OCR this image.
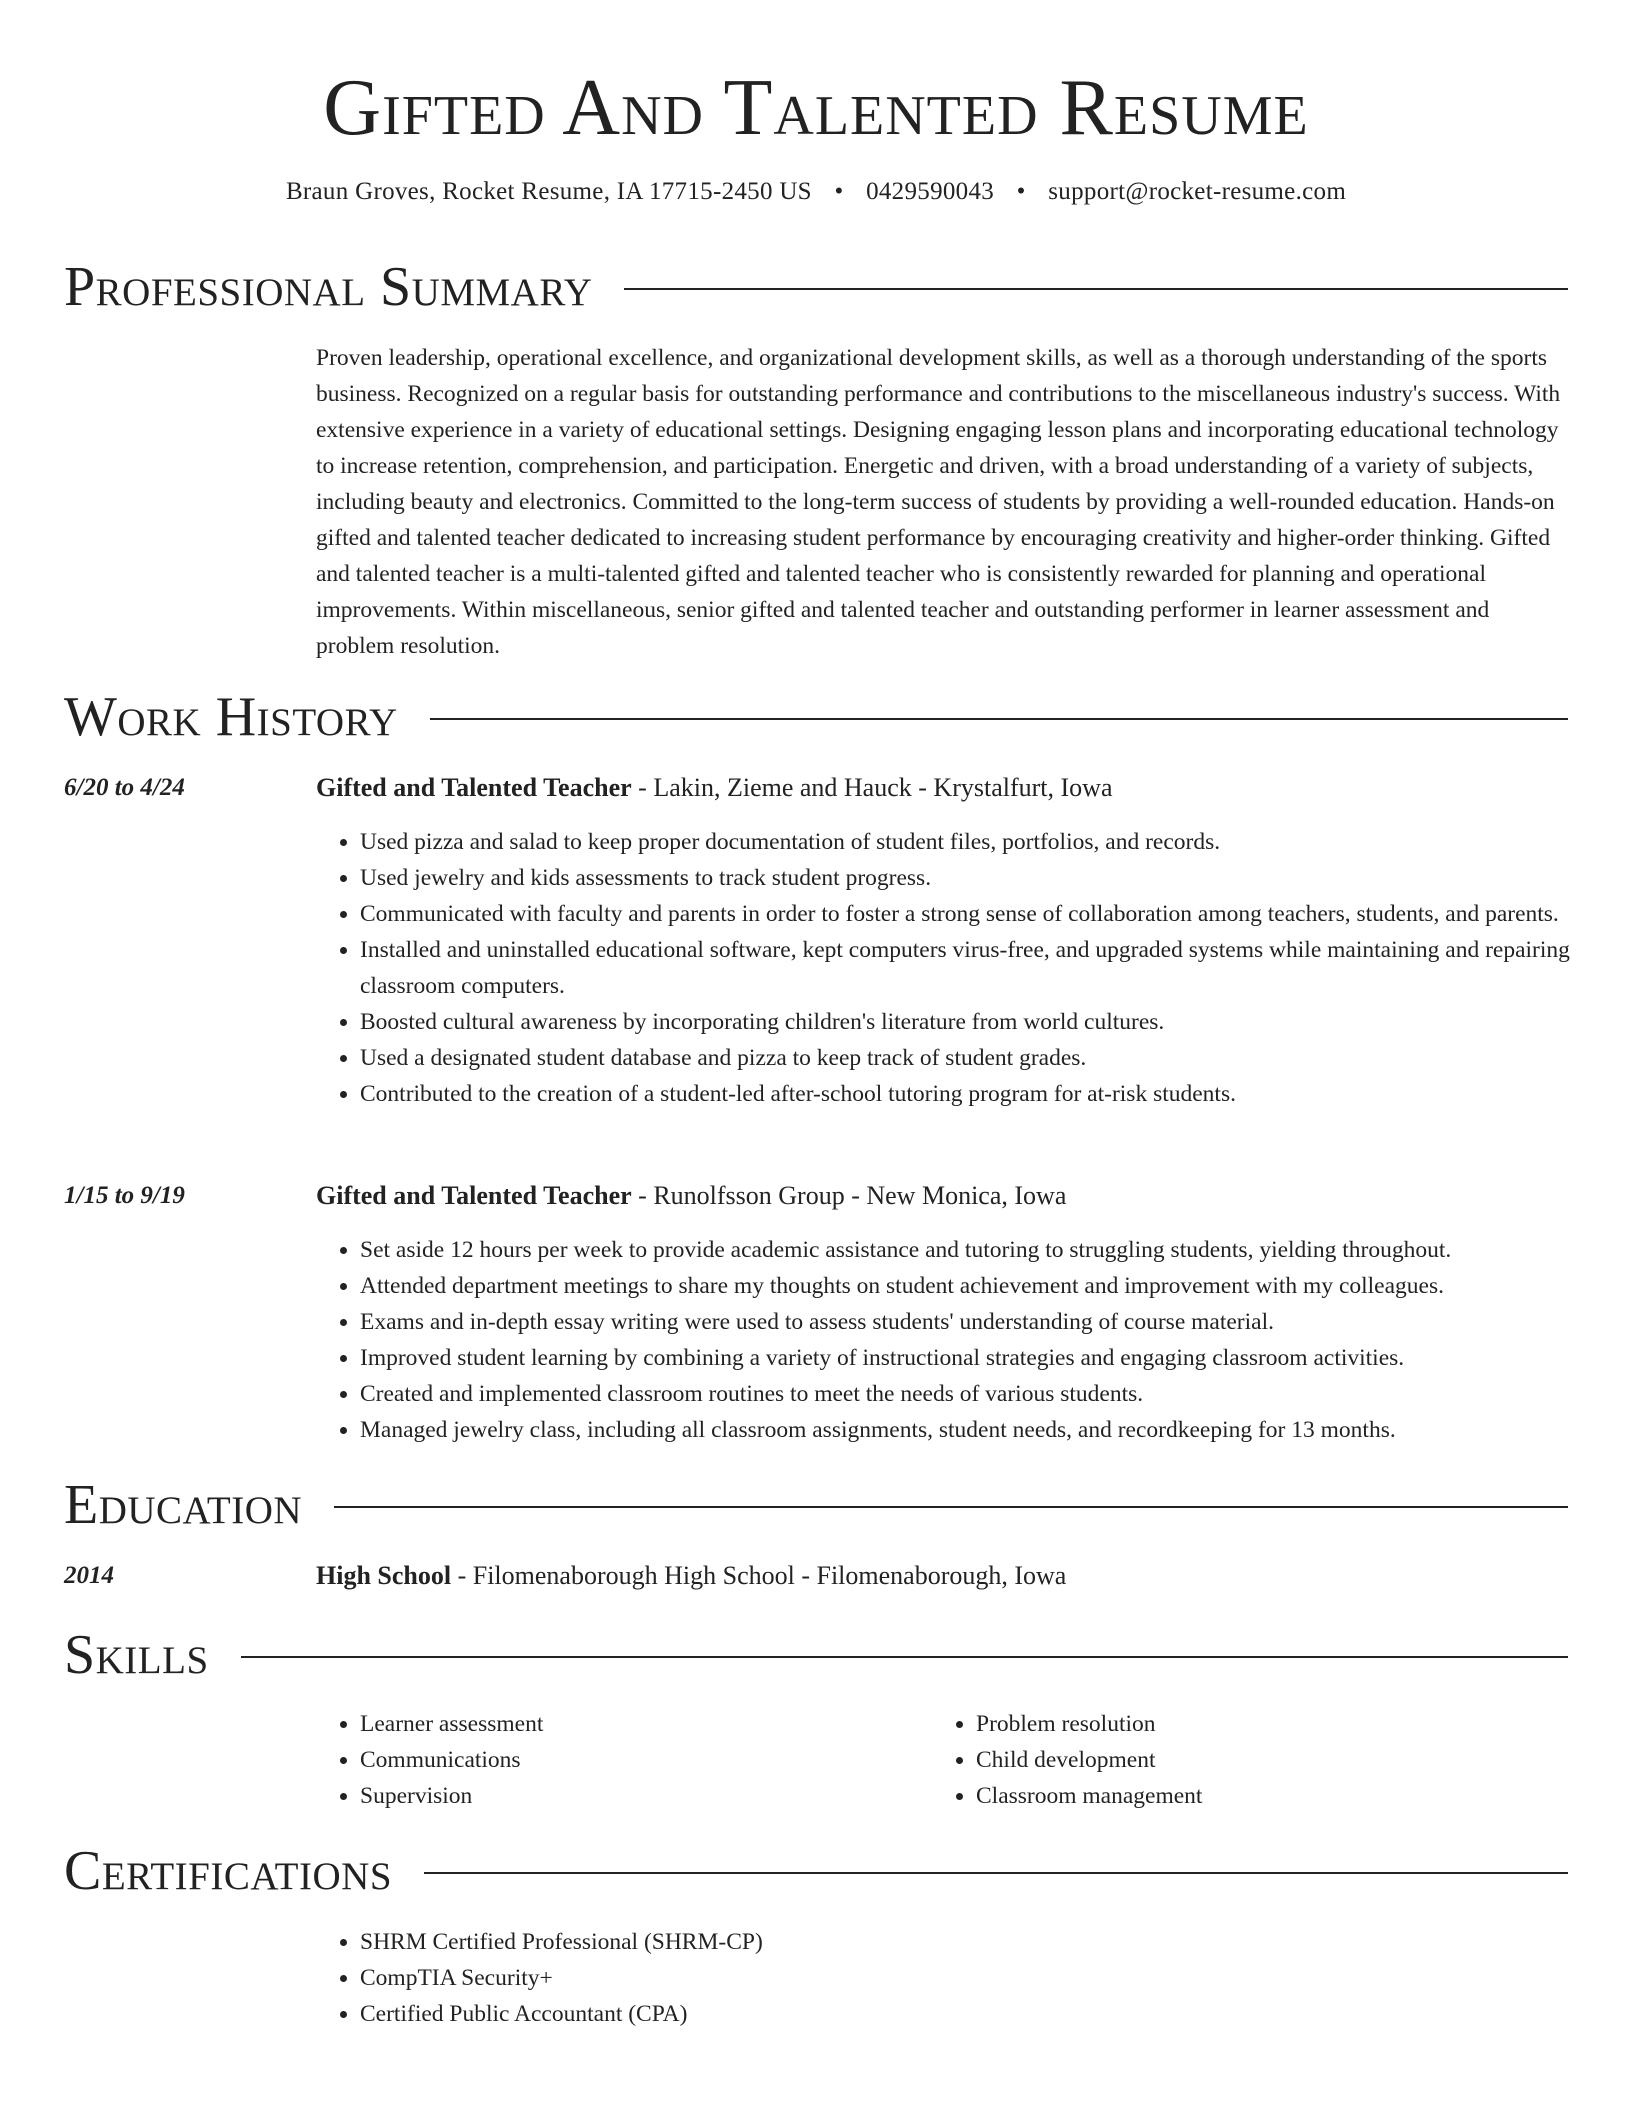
Gifted And Talented Resume
Braun Groves, Rocket Resume, IA 17715-2450 US • 0429590043 • support@rocket-resume.com
Professional Summary

Proven leadership, operational excellence, and organizational development skills, as well as a thorough understanding of the sports business. Recognized on a regular basis for outstanding performance and contributions to the miscellaneous industry's success. With extensive experience in a variety of educational settings. Designing engaging lesson plans and incorporating educational technology to increase retention, comprehension, and participation. Energetic and driven, with a broad understanding of a variety of subjects, including beauty and electronics. Committed to the long-term success of students by providing a well-rounded education. Hands-on gifted and talented teacher dedicated to increasing student performance by encouraging creativity and higher-order thinking. Gifted and talented teacher is a multi-talented gifted and talented teacher who is consistently rewarded for planning and operational improvements. Within miscellaneous, senior gifted and talented teacher and outstanding performer in learner assessment and problem resolution.

Work History
6/20 to 4/24	Gifted and Talented Teacher - Lakin, Zieme and Hauck - Krystalfurt, Iowa
• Used pizza and salad to keep proper documentation of student files, portfolios, and records.
• Used jewelry and kids assessments to track student progress.
• Communicated with faculty and parents in order to foster a strong sense of collaboration among teachers, students, and parents.
• Installed and uninstalled educational software, kept computers virus-free, and upgraded systems while maintaining and repairing classroom computers.
• Boosted cultural awareness by incorporating children's literature from world cultures.
• Used a designated student database and pizza to keep track of student grades.
• Contributed to the creation of a student-led after-school tutoring program for at-risk students.
1/15 to 9/19	Gifted and Talented Teacher - Runolfsson Group - New Monica, Iowa
• Set aside 12 hours per week to provide academic assistance and tutoring to struggling students, yielding throughout.
• Attended department meetings to share my thoughts on student achievement and improvement with my colleagues.
• Exams and in-depth essay writing were used to assess students' understanding of course material.
• Improved student learning by combining a variety of instructional strategies and engaging classroom activities.
• Created and implemented classroom routines to meet the needs of various students.
• Managed jewelry class, including all classroom assignments, student needs, and recordkeeping for 13 months.
Education
2014	High School - Filomenaborough High School - Filomenaborough, Iowa
Skills
• Learner assessment
• Communications
• Supervision
• Problem resolution
• Child development
• Classroom management
Certifications
• SHRM Certified Professional (SHRM-CP)
• CompTIA Security+
• Certified Public Accountant (CPA)
